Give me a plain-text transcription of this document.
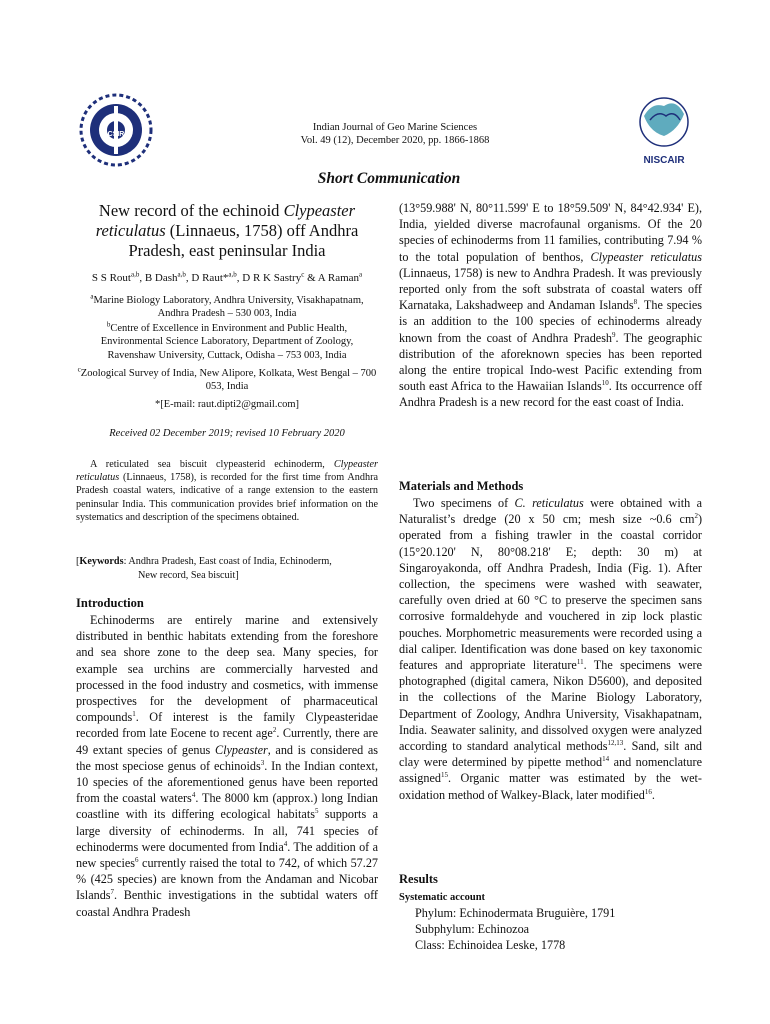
CSIR
NISCAIR
Indian Journal of Geo Marine Sciences
Vol. 49 (12), December 2020, pp. 1866-1868
Short Communication
New record of the echinoid Clypeaster reticulatus (Linnaeus, 1758) off Andhra Pradesh, east peninsular India
S S Rout$^{a,b}$, B Dash$^{a,b}$, D Raut*$^{a,b}$, D R K Sastry$^c$ & A Raman$^a$
$^a$Marine Biology Laboratory, Andhra University, Visakhapatnam, Andhra Pradesh – 530 003, India
$^b$Centre of Excellence in Environment and Public Health, Environmental Science Laboratory, Department of Zoology, Ravenshaw University, Cuttack, Odisha – 753 003, India
$^c$Zoological Survey of India, New Alipore, Kolkata, West Bengal – 700 053, India
*[E-mail: raut.dipti2@gmail.com]
Received 02 December 2019; revised 10 February 2020
A reticulated sea biscuit clypeasterid echinoderm, Clypeaster reticulatus (Linnaeus, 1758), is recorded for the first time from Andhra Pradesh coastal waters, indicative of a range extension to the eastern peninsular India. This communication provides brief information on the systematics and description of the specimens obtained.
[Keywords: Andhra Pradesh, East coast of India, Echinoderm,
New record, Sea biscuit]
Introduction
Echinoderms are entirely marine and extensively distributed in benthic habitats extending from the foreshore and sea shore zone to the deep sea. Many species, for example sea urchins are commercially harvested and processed in the food industry and cosmetics, with immense prospectives for the development of pharmaceutical compounds$^1$. Of interest is the family Clypeasteridae recorded from late Eocene to recent age$^2$. Currently, there are 49 extant species of genus Clypeaster, and is considered as the most speciose genus of echinoids$^3$. In the Indian context, 10 species of the aforementioned genus have been reported from the coastal waters$^4$. The 8000 km (approx.) long Indian coastline with its differing ecological habitats$^5$ supports a large diversity of echinoderms. In all, 741 species of echinoderms were documented from India$^4$. The addition of a new species$^6$ currently raised the total to 742, of which 57.27 % (425 species) are known from the Andaman and Nicobar Islands$^7$. Benthic investigations in the subtidal waters off coastal Andhra Pradesh
(13°59.988' N, 80°11.599' E to 18°59.509' N, 84°42.934' E), India, yielded diverse macrofaunal organisms. Of the 20 species of echinoderms from 11 families, contributing 7.94 % to the total population of benthos, Clypeaster reticulatus (Linnaeus, 1758) is new to Andhra Pradesh. It was previously reported only from the soft substrata of coastal waters off Karnataka, Lakshadweep and Andaman Islands$^8$. The species is an addition to the 100 species of echinoderms already known from the coast of Andhra Pradesh$^9$. The geographic distribution of the aforeknown species has been reported along the entire tropical Indo-west Pacific extending from south east Africa to the Hawaiian Islands$^{10}$. Its occurrence off Andhra Pradesh is a new record for the east coast of India.
Materials and Methods
Two specimens of C. reticulatus were obtained with a Naturalist’s dredge (20 x 50 cm; mesh size ~0.6 $cm^2$) operated from a fishing trawler in the coastal corridor (15°20.120' N, 80°08.218' E; depth: 30 m) at Singaroyakonda, off Andhra Pradesh, India (Fig. 1). After collection, the specimens were washed with seawater, carefully oven dried at 60 °C to preserve the specimen sans corrosive formaldehyde and vouchered in zip lock plastic pouches. Morphometric measurements were recorded using a dial caliper. Identification was done based on key taxonomic features and appropriate literature$^{11}$. The specimens were photographed (digital camera, Nikon D5600), and deposited in the collections of the Marine Biology Laboratory, Department of Zoology, Andhra University, Visakhapatnam, India. Seawater salinity, and dissolved oxygen were analyzed according to standard analytical methods$^{12,13}$. Sand, silt and clay were determined by pipette method$^{14}$ and nomenclature assigned$^{15}$. Organic matter was estimated by the wet-oxidation method of Walkey-Black, later modified$^{16}$.
Results
Systematic account
Phylum: Echinodermata Bruguière, 1791
Subphylum: Echinozoa
Class: Echinoidea Leske, 1778
